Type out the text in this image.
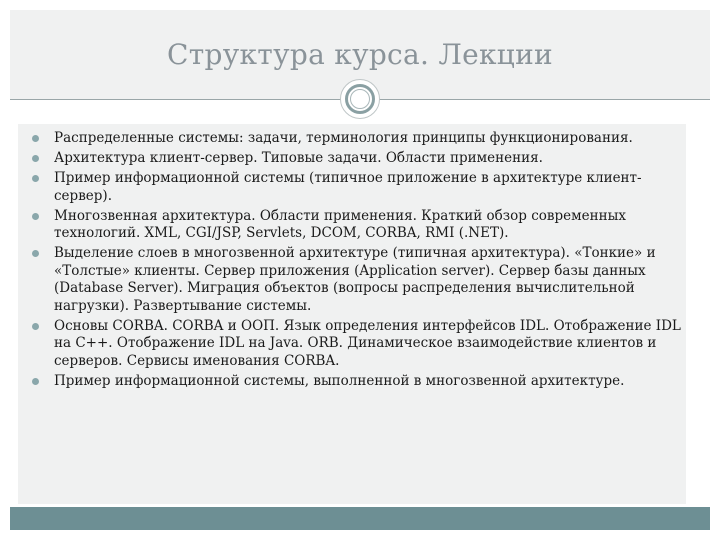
Структура курса. Лекции
Распределенные системы: задачи, терминология принципы функционирования.
Архитектура клиент-сервер. Типовые задачи. Области применения.
Пример информационной системы (типичное приложение в архитектуре клиент-сервер).
Многозвенная архитектура. Области применения. Краткий обзор современных технологий. XML, CGI/JSP, Servlets, DCOM, CORBA, RMI (.NET).
Выделение слоев в многозвенной архитектуре (типичная архитектура). «Тонкие» и «Толстые» клиенты. Сервер приложения (Application server). Сервер базы данных (Database Server). Миграция объектов (вопросы распределения вычислительной нагрузки). Развертывание системы.
Основы CORBA. CORBA и ООП. Язык определения интерфейсов IDL. Отображение IDL на C++. Отображение IDL на Java. ORB. Динамическое взаимодействие клиентов и серверов. Сервисы именования CORBA.
Пример информационной системы, выполненной в многозвенной архитектуре.
